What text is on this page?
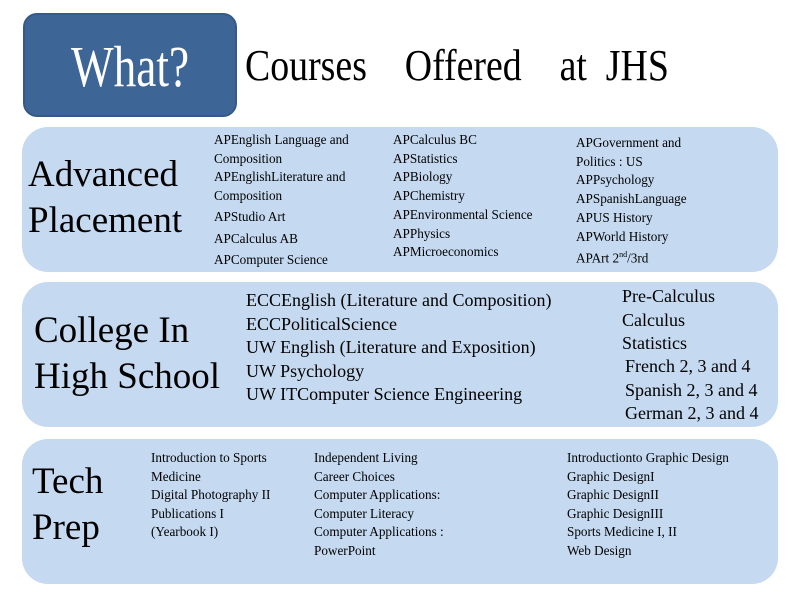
What?	Courses    Offered    at  JHS
Advanced
Placement
APEnglish Language and Composition
APEnglishLiterature and Composition
APStudio Art
APCalculus AB
APComputer Science
APCalculus BC
APStatistics
APBiology
APChemistry
APEnvironmental Science
APPhysics
APMicroeconomics
APGovernment and Politics : US
APPsychology
APSpanishLanguage
APUS History
APWorld History
APArt 2nd/3rd
College In
High School
ECCEnglish (Literature and Composition)
ECCPoliticalScience
UW English (Literature and Exposition)
UW Psychology
UW ITComputer Science Engineering
Pre-Calculus
Calculus
Statistics
French 2, 3 and 4
Spanish 2, 3 and 4
German 2, 3 and 4
Tech
Prep
Introduction to Sports Medicine
Digital Photography II
Publications I
(Yearbook I)
Independent Living
Career Choices
Computer Applications:
Computer Literacy
Computer Applications : PowerPoint
Introductionto Graphic Design
Graphic DesignI
Graphic DesignII
Graphic DesignIII
Sports Medicine I, II
Web Design
